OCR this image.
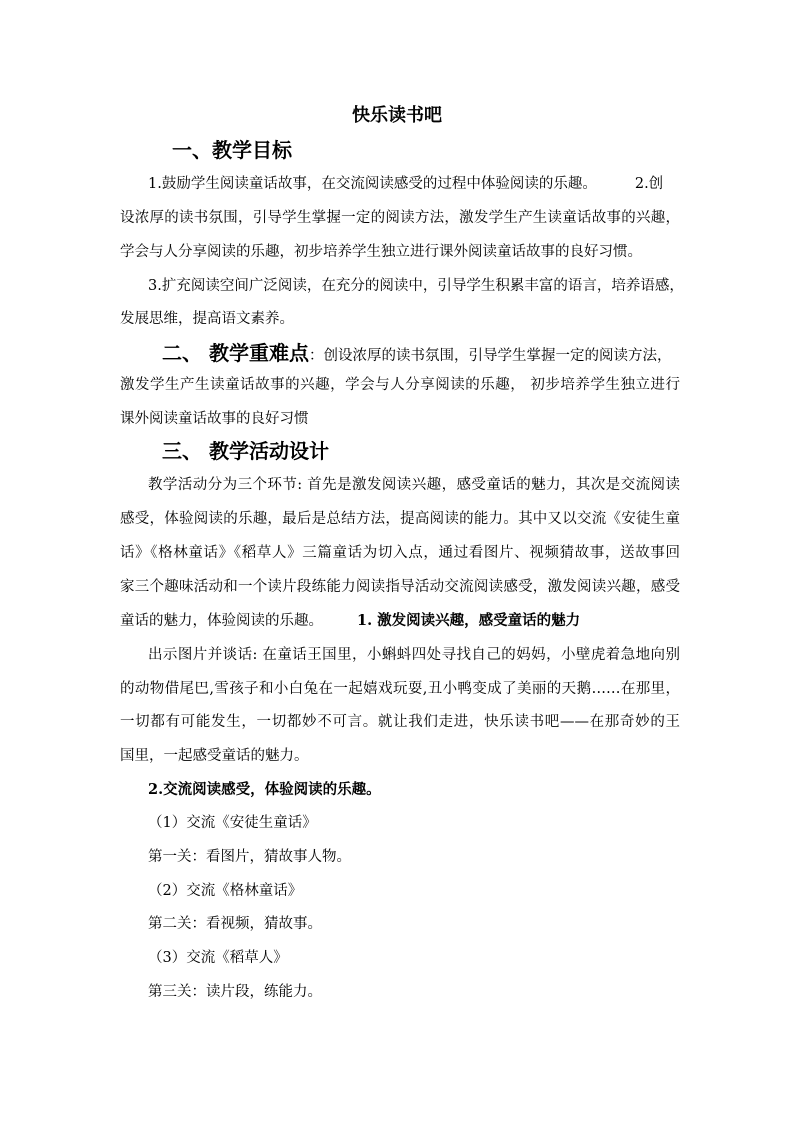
快乐读书吧
一、教学目标
1.鼓励学生阅读童话故事，在交流阅读感受的过程中体验阅读的乐趣。	2.创
设浓厚的读书氛围，引导学生掌握一定的阅读方法，激发学生产生读童话故事的兴趣，
学会与人分享阅读的乐趣，初步培养学生独立进行课外阅读童话故事的良好习惯。
3.扩充阅读空间广泛阅读，在充分的阅读中，引导学生积累丰富的语言，培养语感，
发展思维，提高语文素养。
二、 教学重难点：创设浓厚的读书氛围，引导学生掌握一定的阅读方法，
激发学生产生读童话故事的兴趣，学会与人分享阅读的乐趣， 初步培养学生独立进行
课外阅读童话故事的良好习惯
三、 教学活动设计
教学活动分为三个环节: 首先是激发阅读兴趣，感受童话的魅力，其次是交流阅读
感受，体验阅读的乐趣，最后是总结方法，提高阅读的能力。其中又以交流《安徒生童
话》《格林童话》《稻草人》三篇童话为切入点，通过看图片、视频猜故事，送故事回
家三个趣味活动和一个读片段练能力阅读指导活动交流阅读感受，激发阅读兴趣，感受
童话的魅力，体验阅读的乐趣。 1. 激发阅读兴趣，感受童话的魅力
出示图片并谈话: 在童话王国里，小蝌蚪四处寻找自己的妈妈，小壁虎着急地向别
的动物借尾巴,雪孩子和小白兔在一起嬉戏玩耍,丑小鸭变成了美丽的天鹅……在那里，
一切都有可能发生，一切都妙不可言。就让我们走进，快乐读书吧——在那奇妙的王
国里，一起感受童话的魅力。
2.交流阅读感受，体验阅读的乐趣。
（1）交流《安徒生童话》
第一关：看图片，猜故事人物。
（2）交流《格林童话》
第二关：看视频，猜故事。
（3）交流《稻草人》
第三关：读片段，练能力。
